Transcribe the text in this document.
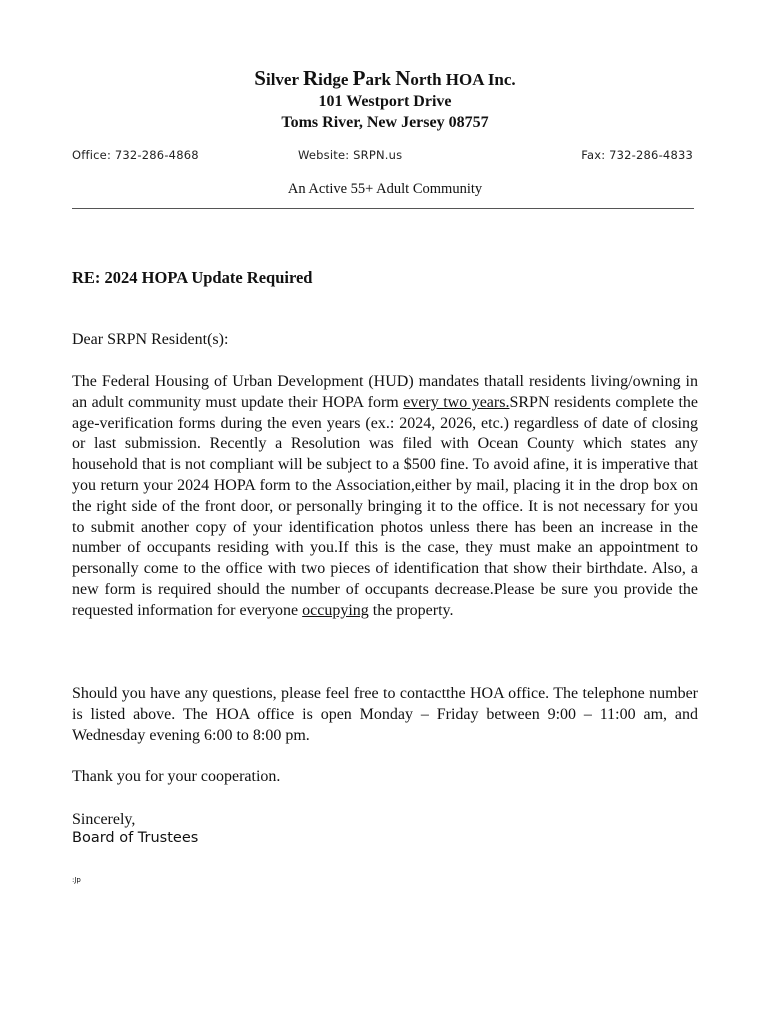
Silver Ridge Park North HOA Inc.
101 Westport Drive
Toms River, New Jersey 08757
Office: 732-286-4868	Website: SRPN.us	Fax: 732-286-4833
An Active 55+ Adult Community
RE: 2024 HOPA Update Required
Dear SRPN Resident(s):
The Federal Housing of Urban Development (HUD) mandates thatall residents living/owning in an adult community must update their HOPA form every two years.SRPN residents complete the age-verification forms during the even years (ex.: 2024, 2026, etc.) regardless of date of closing or last submission. Recently a Resolution was filed with Ocean County which states any household that is not compliant will be subject to a $500 fine. To avoid afine, it is imperative that you return your 2024 HOPA form to the Association,either by mail, placing it in the drop box on the right side of the front door, or personally bringing it to the office. It is not necessary for you to submit another copy of your identification photos unless there has been an increase in the number of occupants residing with you.If this is the case, they must make an appointment to personally come to the office with two pieces of identification that show their birthdate. Also, a new form is required should the number of occupants decrease.Please be sure you provide the requested information for everyone occupying the property.
Should you have any questions, please feel free to contactthe HOA office. The telephone number is listed above. The HOA office is open Monday – Friday between 9:00 – 11:00 am, and Wednesday evening 6:00 to 8:00 pm.
Thank you for your cooperation.
Sincerely,
Board of Trustees
:Jp
